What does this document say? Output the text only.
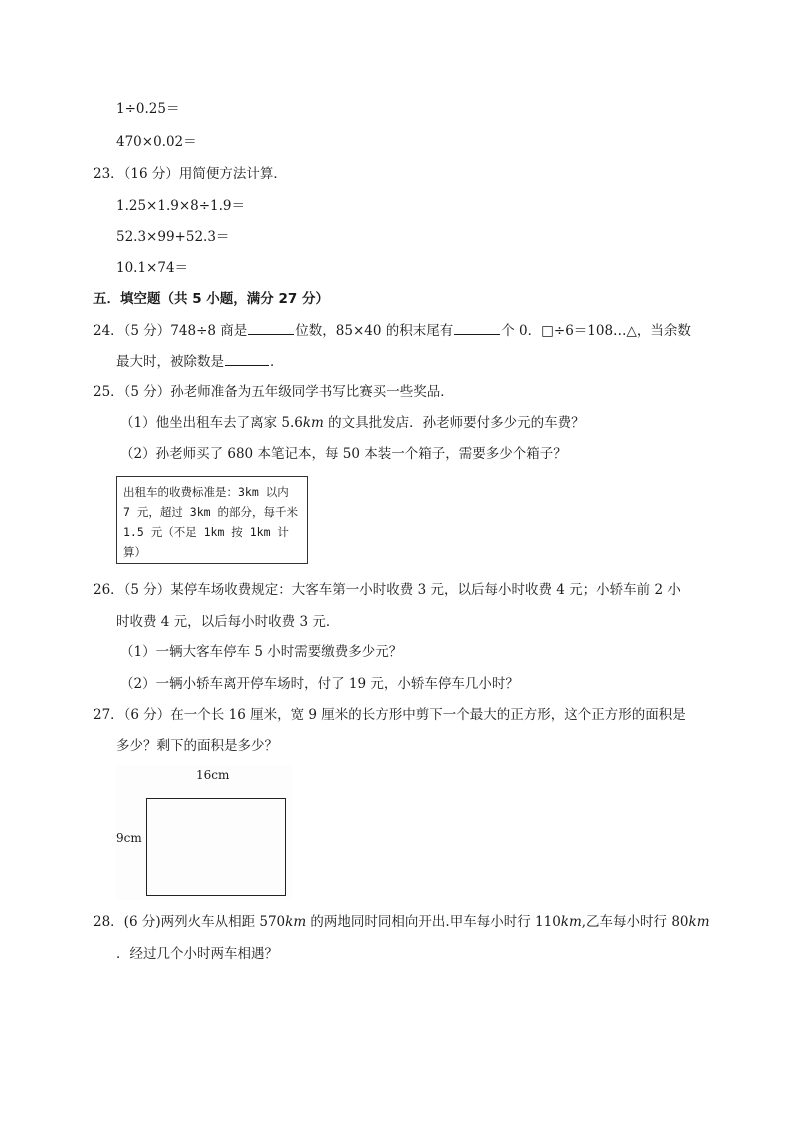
1÷0.25＝
470×0.02＝
23．（16 分）用简便方法计算．
1.25×1.9×8÷1.9＝
52.3×99+52.3＝
10.1×74＝
五．填空题（共 5 小题，满分 27 分）
24．（5 分）748÷8 商是	位数，85×40 的积末尾有	个 0．□÷6＝108…△，当余数
最大时，被除数是	．
25．（5 分）孙老师准备为五年级同学书写比赛买一些奖品．
（1）他坐出租车去了离家 5.6km 的文具批发店．孙老师要付多少元的车费？
（2）孙老师买了 680 本笔记本，每 50 本装一个箱子，需要多少个箱子？
出租车的收费标准是：3km 以内 7 元，超过 3km 的部分，每千米 1.5 元（不足 1km 按 1km 计算）
26．（5 分）某停车场收费规定：大客车第一小时收费 3 元，以后每小时收费 4 元；小轿车前 2 小
时收费 4 元，以后每小时收费 3 元．
（1）一辆大客车停车 5 小时需要缴费多少元？
（2）一辆小轿车离开停车场时，付了 19 元，小轿车停车几小时？
27．（6 分）在一个长 16 厘米，宽 9 厘米的长方形中剪下一个最大的正方形，这个正方形的面积是
多少？剩下的面积是多少？
16cm
9cm
28．(6 分)两列火车从相距 570km 的两地同时同相向开出.甲车每小时行 110km,乙车每小时行 80km
．经过几个小时两车相遇？
